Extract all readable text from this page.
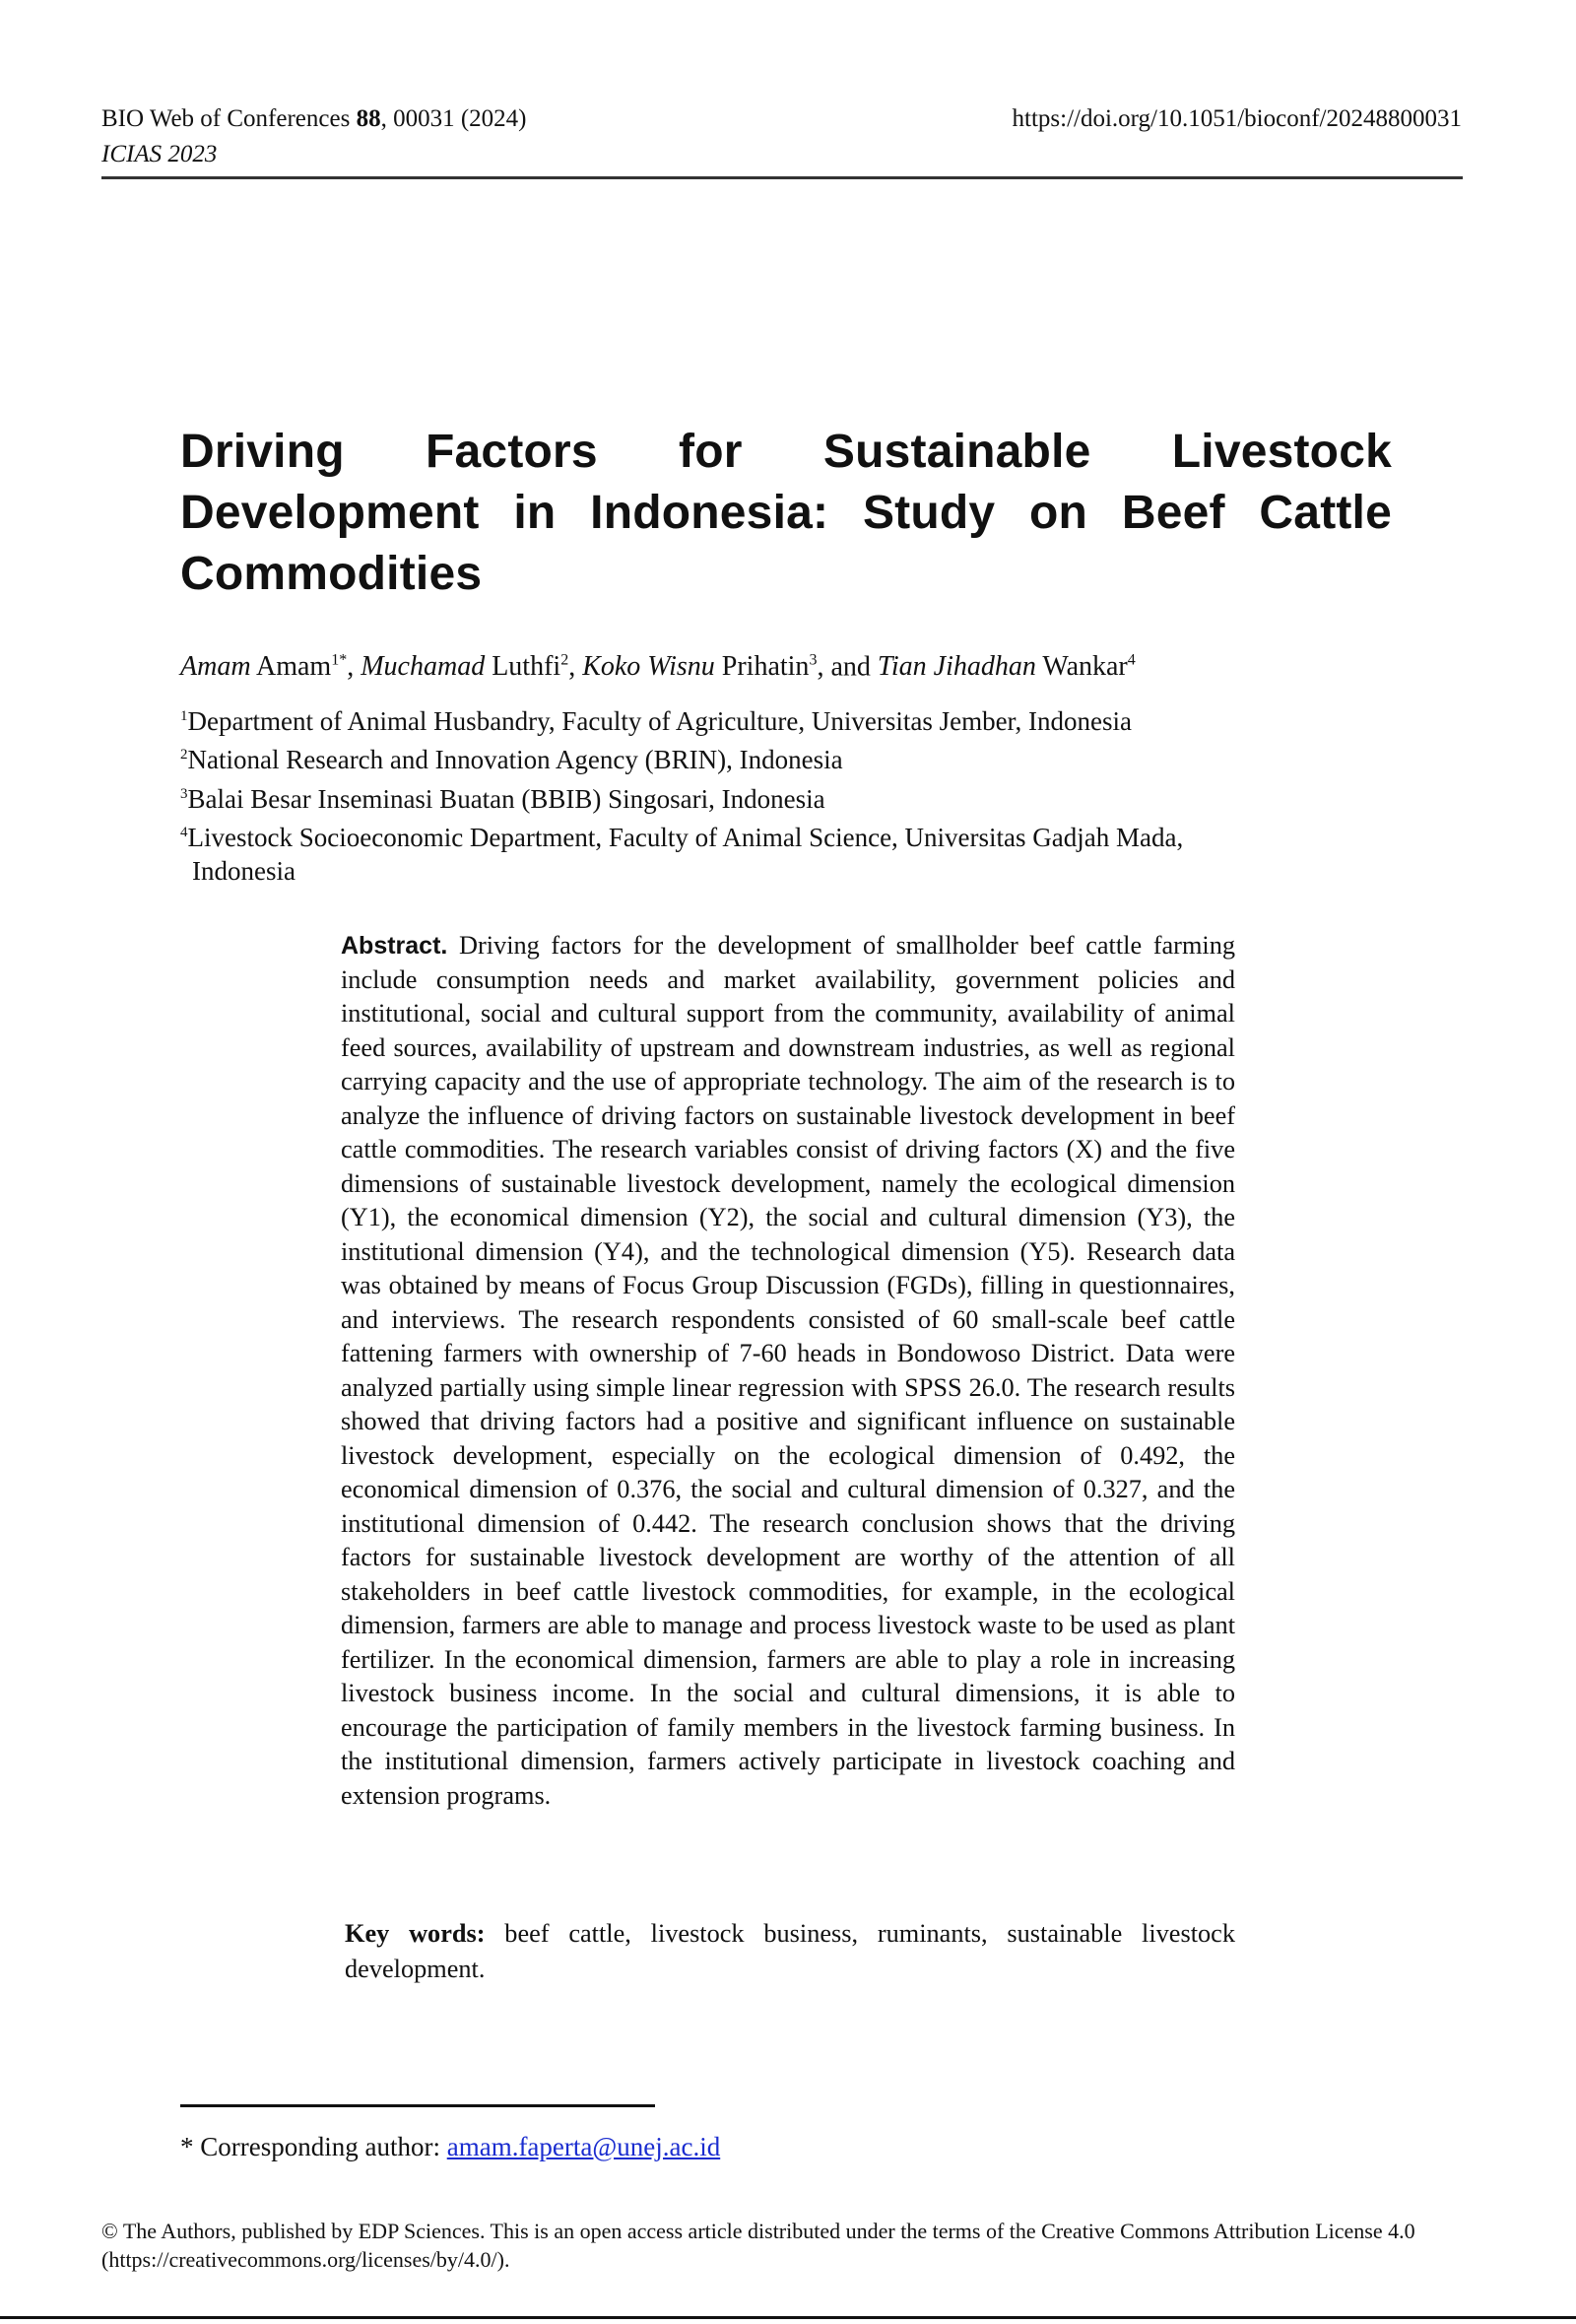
BIO Web of Conferences 88, 00031 (2024)
ICIAS 2023
https://doi.org/10.1051/bioconf/20248800031
Driving Factors for Sustainable Livestock Development in Indonesia: Study on Beef Cattle Commodities
Amam Amam$^{1*}$, Muchamad Luthfi$^2$, Koko Wisnu Prihatin$^3$, and Tian Jihadhan Wankar$^4$
$^1$Department of Animal Husbandry, Faculty of Agriculture, Universitas Jember, Indonesia
$^2$National Research and Innovation Agency (BRIN), Indonesia
$^3$Balai Besar Inseminasi Buatan (BBIB) Singosari, Indonesia
$^4$Livestock Socioeconomic Department, Faculty of Animal Science, Universitas Gadjah Mada,
Indonesia

Abstract. Driving factors for the development of smallholder beef cattle farming include consumption needs and market availability, government policies and institutional, social and cultural support from the community, availability of animal feed sources, availability of upstream and downstream industries, as well as regional carrying capacity and the use of appropriate technology. The aim of the research is to analyze the influence of driving factors on sustainable livestock development in beef cattle commodities. The research variables consist of driving factors (X) and the five dimensions of sustainable livestock development, namely the ecological dimension (Y1), the economical dimension (Y2), the social and cultural dimension (Y3), the institutional dimension (Y4), and the technological dimension (Y5). Research data was obtained by means of Focus Group Discussion (FGDs), filling in questionnaires, and interviews. The research respondents consisted of 60 small-scale beef cattle fattening farmers with ownership of 7-60 heads in Bondowoso District. Data were analyzed partially using simple linear regression with SPSS 26.0. The research results showed that driving factors had a positive and significant influence on sustainable livestock development, especially on the ecological dimension of 0.492, the economical dimension of 0.376, the social and cultural dimension of 0.327, and the institutional dimension of 0.442. The research conclusion shows that the driving factors for sustainable livestock development are worthy of the attention of all stakeholders in beef cattle livestock commodities, for example, in the ecological dimension, farmers are able to manage and process livestock waste to be used as plant fertilizer. In the economical dimension, farmers are able to play a role in increasing livestock business income. In the social and cultural dimensions, it is able to encourage the participation of family members in the livestock farming business. In the institutional dimension, farmers actively participate in livestock coaching and extension programs.

Key words: beef cattle, livestock business, ruminants, sustainable livestock development.

* Corresponding author: amam.faperta@unej.ac.id

© The Authors, published by EDP Sciences. This is an open access article distributed under the terms of the Creative Commons Attribution License 4.0 (https://creativecommons.org/licenses/by/4.0/).
